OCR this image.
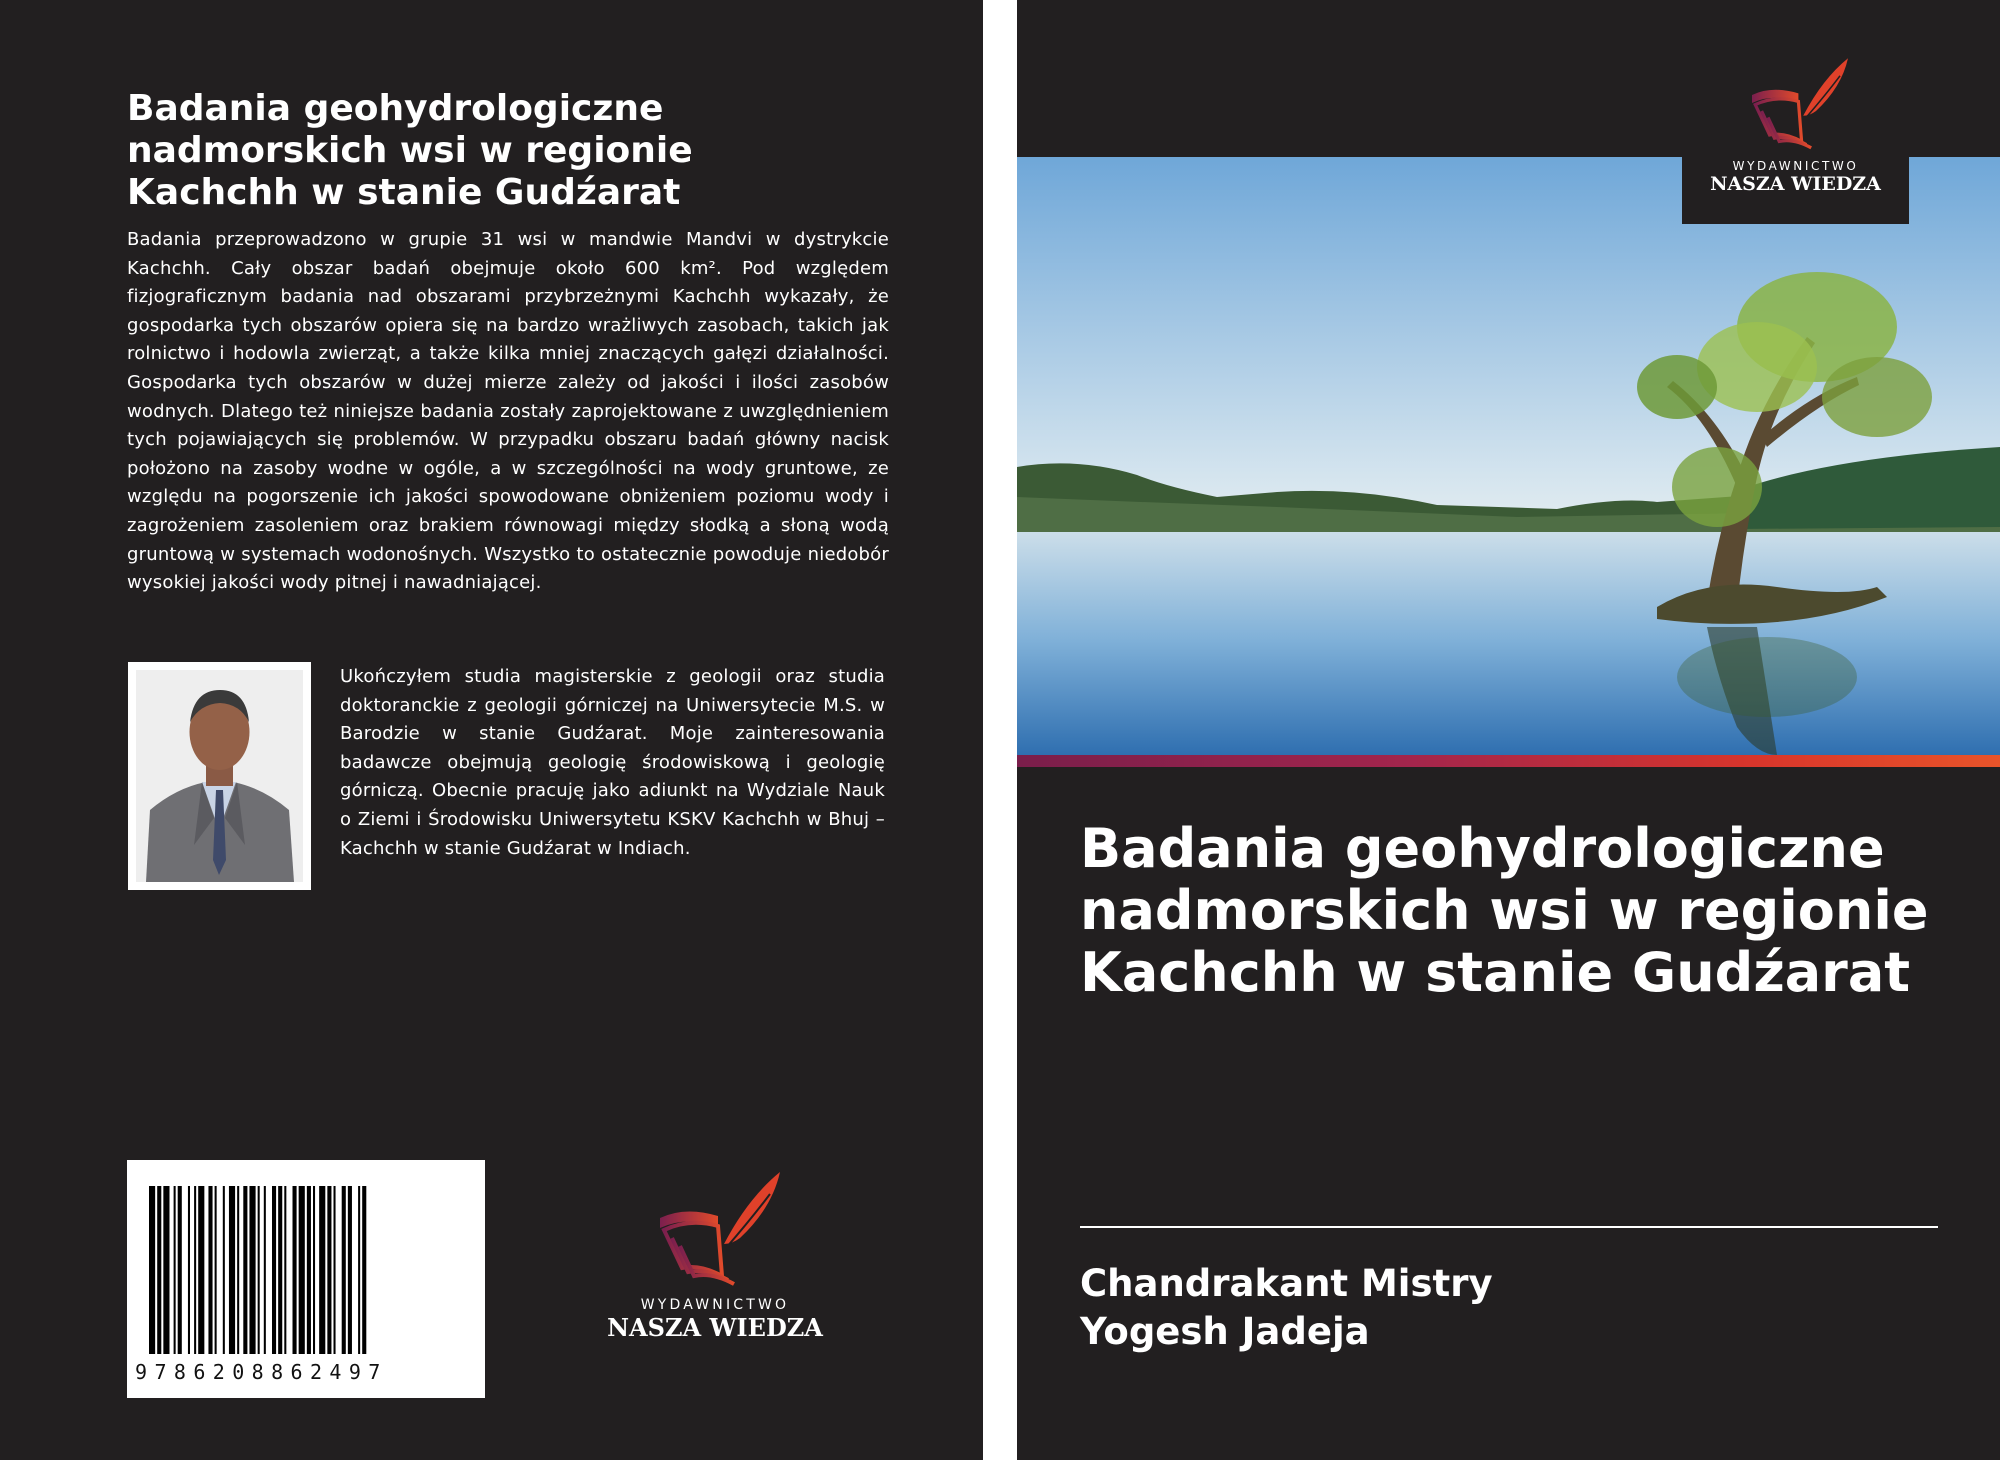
Badania geohydrologiczne nadmorskich wsi w regionie Kachchh w stanie Gudźarat

Badania przeprowadzono w grupie 31 wsi w mandwie Mandvi w dystrykcie Kachchh. Cały obszar badań obejmuje około 600 km². Pod względem fizjograficznym badania nad obszarami przybrzeżnymi Kachchh wykazały, że gospodarka tych obszarów opiera się na bardzo wrażliwych zasobach, takich jak rolnictwo i hodowla zwierząt, a także kilka mniej znaczących gałęzi działalności. Gospodarka tych obszarów w dużej mierze zależy od jakości i ilości zasobów wodnych. Dlatego też niniejsze badania zostały zaprojektowane z uwzględnieniem tych pojawiających się problemów. W przypadku obszaru badań główny nacisk położono na zasoby wodne w ogóle, a w szczególności na wody gruntowe, ze względu na pogorszenie ich jakości spowodowane obniżeniem poziomu wody i zagrożeniem zasoleniem oraz brakiem równowagi między słodką a słoną wodą gruntową w systemach wodonośnych. Wszystko to ostatecznie powoduje niedobór wysokiej jakości wody pitnej i nawadniającej.

Ukończyłem studia magisterskie z geologii oraz studia doktoranckie z geologii górniczej na Uniwersytecie M.S. w Barodzie w stanie Gudźarat. Moje zainteresowania badawcze obejmują geologię środowiskową i geologię górniczą. Obecnie pracuję jako adiunkt na Wydziale Nauk o Ziemi i Środowisku Uniwersytetu KSKV Kachchh w Bhuj – Kachchh w stanie Gudźarat w Indiach.

9786208862497
WYDAWNICTWO
NASZA WIEDZA
WYDAWNICTWO
NASZA WIEDZA
Badania geohydrologiczne nadmorskich wsi w regionie Kachchh w stanie Gudźarat
Chandrakant Mistry
Yogesh Jadeja
